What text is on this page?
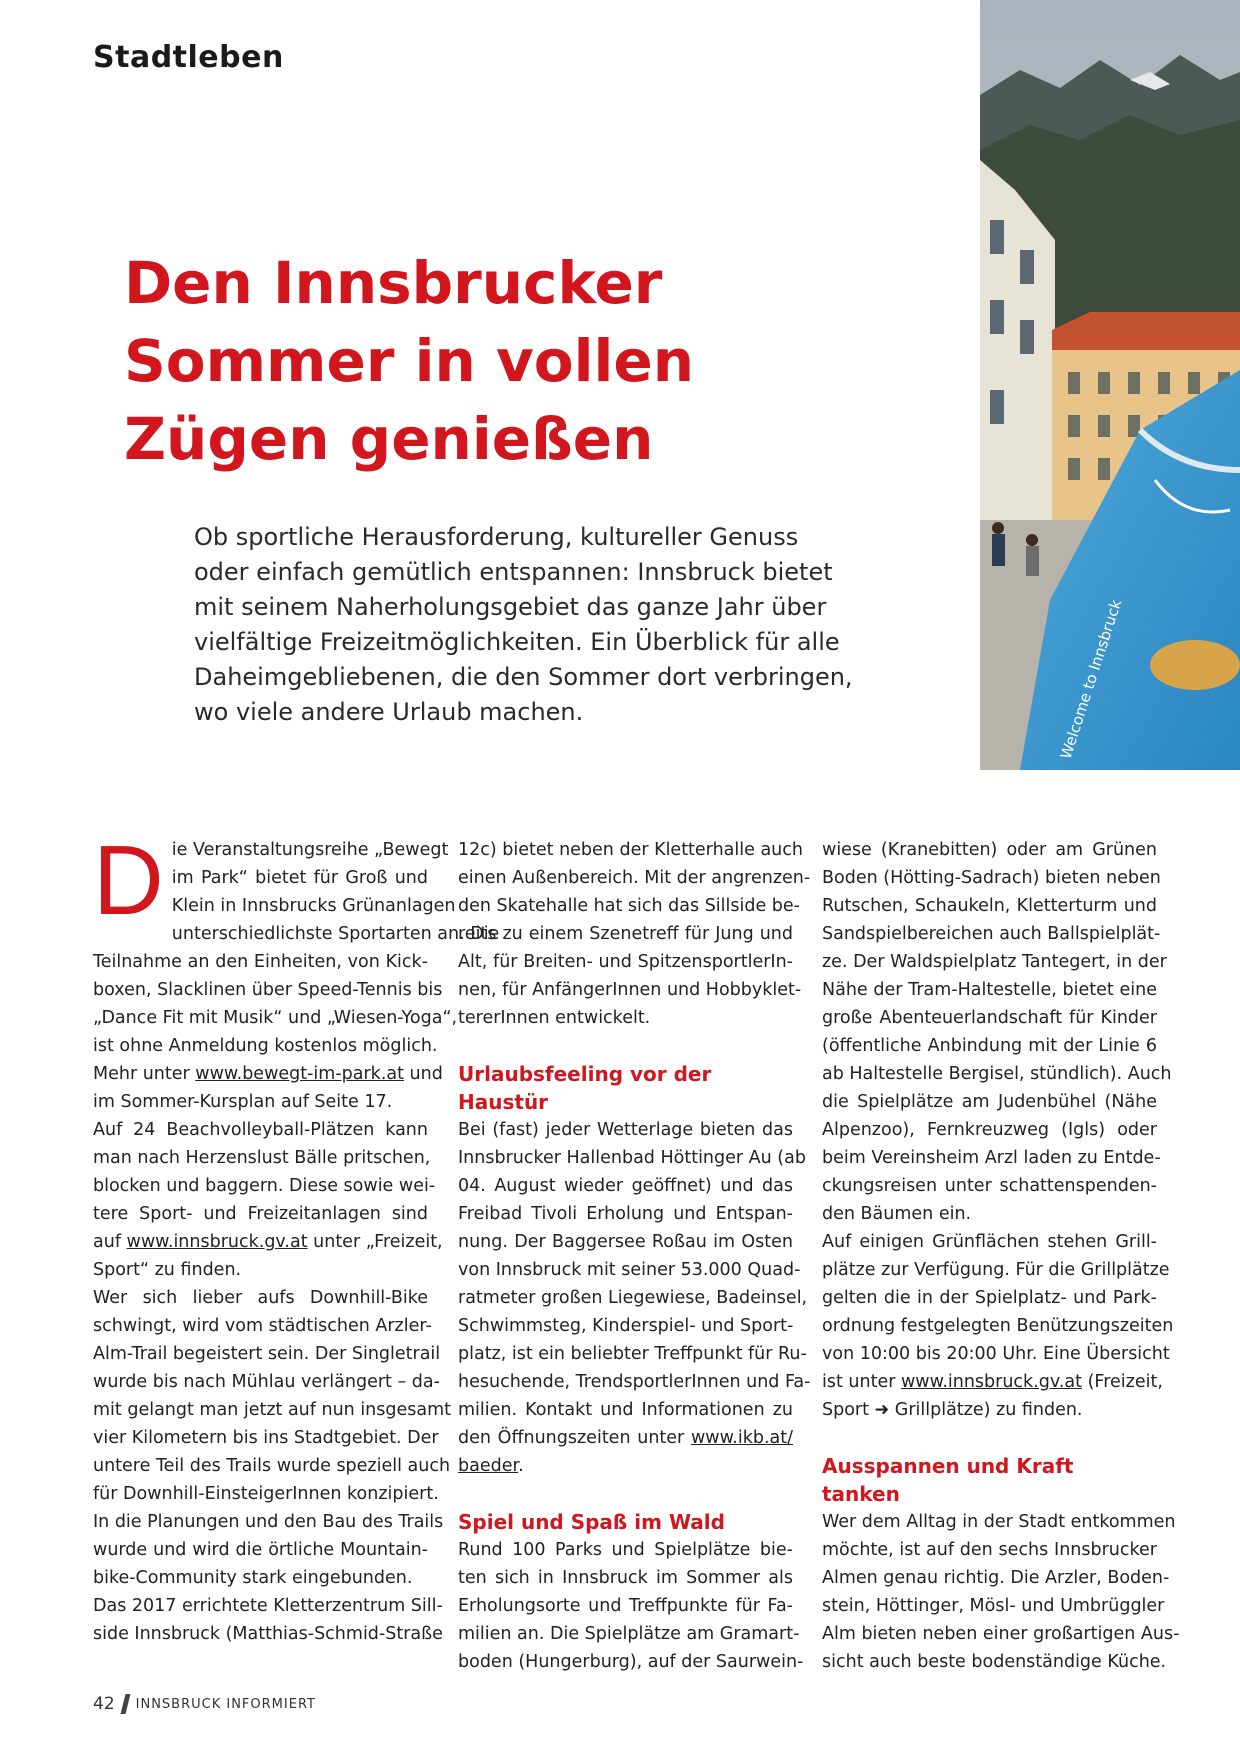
Stadtleben
Den Innsbrucker
Sommer in vollen
Zügen genießen
Ob sportliche Herausforderung, kultureller Genuss
oder einfach gemütlich entspannen: Innsbruck bietet
mit seinem Naherholungsgebiet das ganze Jahr über
vielfältige Freizeitmöglichkeiten. Ein Überblick für alle
Daheimgebliebenen, die den Sommer dort verbringen,
wo viele andere Urlaub machen.	Welcome to Innsbruck
D ie Veranstaltungsreihe „Bewegt
im Park“ bietet für Groß und
Klein in Innsbrucks Grünanlagen
unterschiedlichste Sportarten an. Die
Teilnahme an den Einheiten, von Kick-
boxen, Slacklinen über Speed-Tennis bis
„Dance Fit mit Musik“ und „Wiesen-Yoga“,
ist ohne Anmeldung kostenlos möglich.
Mehr unter www.bewegt-im-park.at und
im Sommer-Kursplan auf Seite 17.
Auf 24 Beachvolleyball-Plätzen kann
man nach Herzenslust Bälle pritschen,
blocken und baggern. Diese sowie wei-
tere Sport- und Freizeitanlagen sind
auf www.innsbruck.gv.at unter „Freizeit,
Sport“ zu finden.
Wer sich lieber aufs Downhill-Bike
schwingt, wird vom städtischen Arzler-
Alm-Trail begeistert sein. Der Singletrail
wurde bis nach Mühlau verlängert – da-
mit gelangt man jetzt auf nun insgesamt
vier Kilometern bis ins Stadtgebiet. Der
untere Teil des Trails wurde speziell auch
für Downhill-EinsteigerInnen konzipiert.
In die Planungen und den Bau des Trails
wurde und wird die örtliche Mountain-
bike-Community stark eingebunden.
Das 2017 errichtete Kletterzentrum Sill-
side Innsbruck (Matthias-Schmid-Straße
12c) bietet neben der Kletterhalle auch
einen Außenbereich. Mit der angrenzen-
den Skatehalle hat sich das Sillside be-
reits zu einem Szenetreff für Jung und
Alt, für Breiten- und SpitzensportlerIn-
nen, für AnfängerInnen und Hobbyklet-
tererInnen entwickelt.
Urlaubsfeeling vor der Haustür
Bei (fast) jeder Wetterlage bieten das
Innsbrucker Hallenbad Höttinger Au (ab
04. August wieder geöffnet) und das
Freibad Tivoli Erholung und Entspan-
nung. Der Baggersee Roßau im Osten
von Innsbruck mit seiner 53.000 Quad-
ratmeter großen Liegewiese, Badeinsel,
Schwimmsteg, Kinderspiel- und Sport-
platz, ist ein beliebter Treffpunkt für Ru-
hesuchende, TrendsportlerInnen und Fa-
milien. Kontakt und Informationen zu
den Öffnungszeiten unter www.ikb.at/
baeder.
Spiel und Spaß im Wald
Rund 100 Parks und Spielplätze bie-
ten sich in Innsbruck im Sommer als
Erholungsorte und Treffpunkte für Fa-
milien an. Die Spielplätze am Gramart-
boden (Hungerburg), auf der Saurwein-
wiese (Kranebitten) oder am Grünen
Boden (Hötting-Sadrach) bieten neben
Rutschen, Schaukeln, Kletterturm und
Sandspielbereichen auch Ballspielplät-
ze. Der Waldspielplatz Tantegert, in der
Nähe der Tram-Haltestelle, bietet eine
große Abenteuerlandschaft für Kinder
(öffentliche Anbindung mit der Linie 6
ab Haltestelle Bergisel, stündlich). Auch
die Spielplätze am Judenbühel (Nähe
Alpenzoo), Fernkreuzweg (Igls) oder
beim Vereinsheim Arzl laden zu Entde-
ckungsreisen unter schattenspenden-
den Bäumen ein.
Auf einigen Grünflächen stehen Grill-
plätze zur Verfügung. Für die Grillplätze
gelten die in der Spielplatz- und Park-
ordnung festgelegten Benützungszeiten
von 10:00 bis 20:00 Uhr. Eine Übersicht
ist unter www.innsbruck.gv.at (Freizeit,
Sport ➜ Grillplätze) zu finden.
Ausspannen und Kraft tanken
Wer dem Alltag in der Stadt entkommen
möchte, ist auf den sechs Innsbrucker
Almen genau richtig. Die Arzler, Boden-
stein, Höttinger, Mösl- und Umbrüggler
Alm bieten neben einer großartigen Aus-
sicht auch beste bodenständige Küche.
42 INNSBRUCK INFORMIERT
